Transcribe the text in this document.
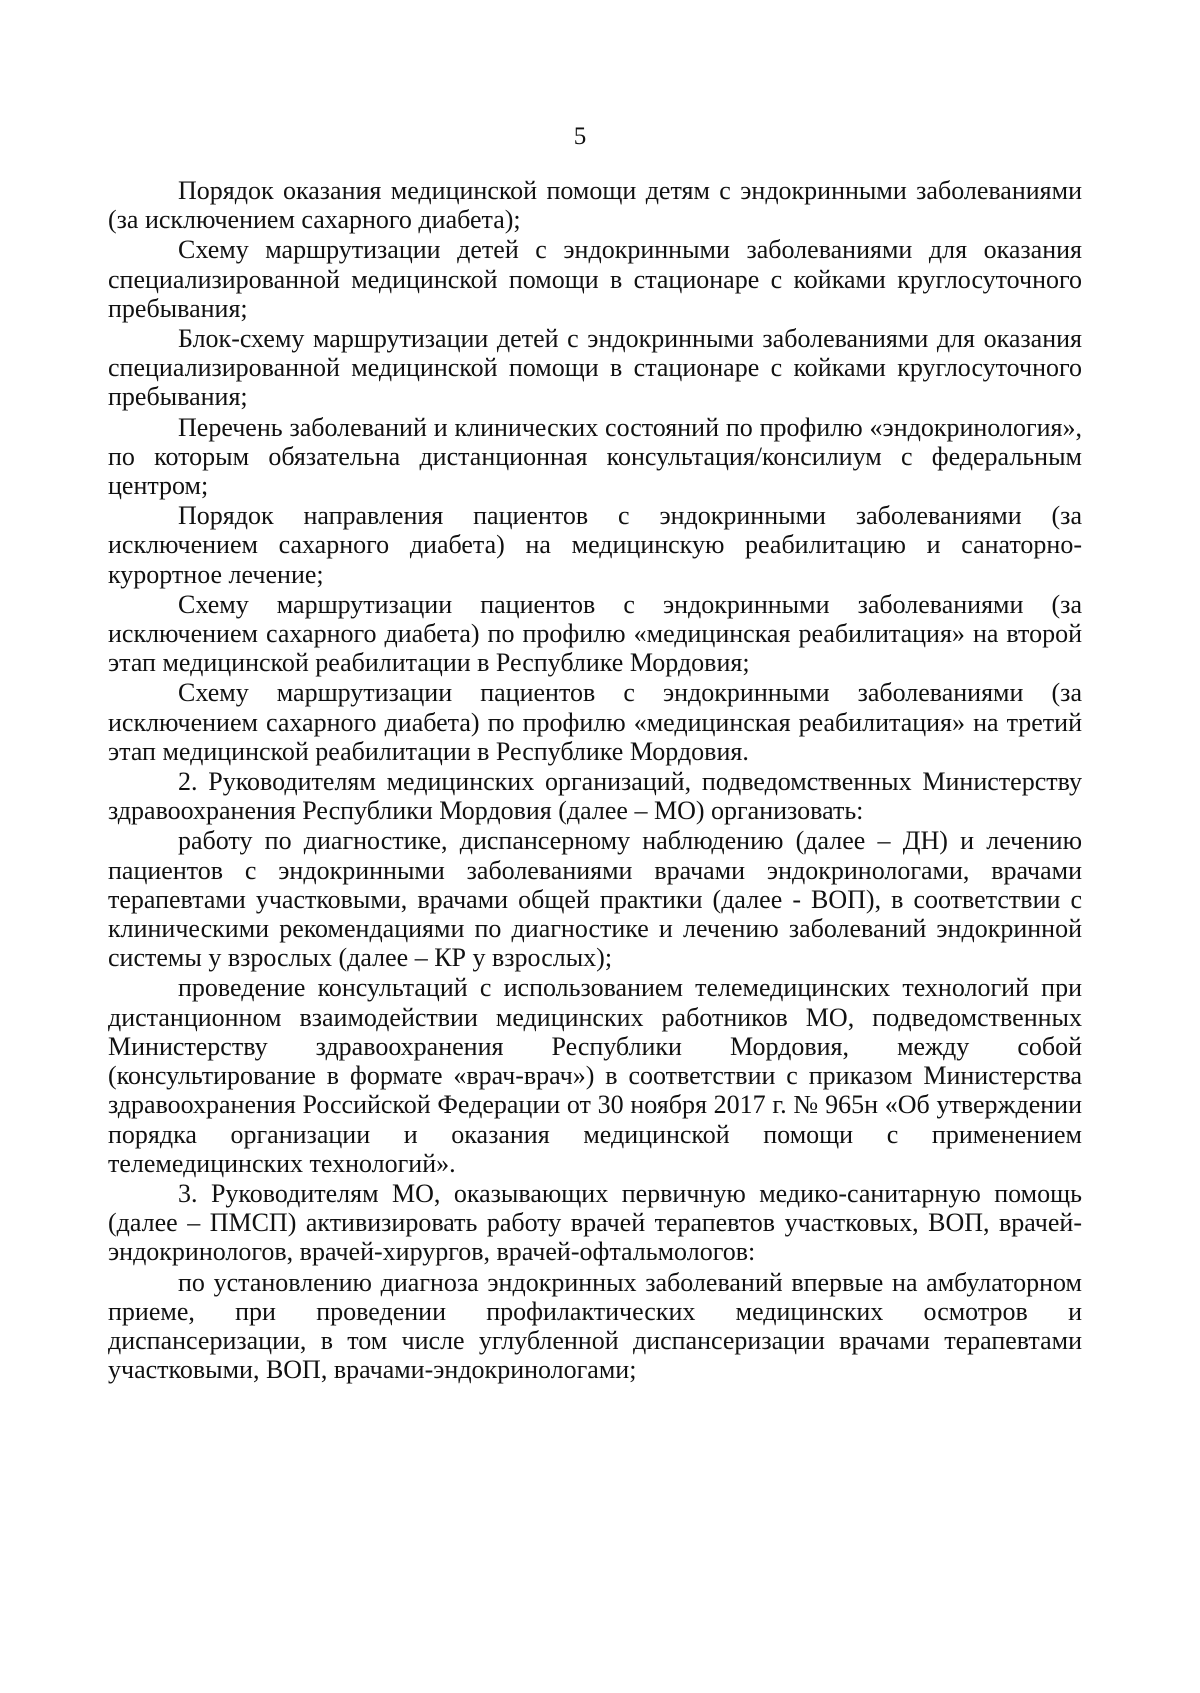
5

Порядок оказания медицинской помощи детям с эндокринными заболеваниями (за исключением сахарного диабета);

Схему маршрутизации детей с эндокринными заболеваниями для оказания специализированной медицинской помощи в стационаре с койками круглосуточного пребывания;

Блок-схему маршрутизации детей с эндокринными заболеваниями для оказания специализированной медицинской помощи в стационаре с койками круглосуточного пребывания;

Перечень заболеваний и клинических состояний по профилю «эндокринология», по которым обязательна дистанционная консультация/консилиум с федеральным центром;

Порядок направления пациентов с эндокринными заболеваниями (за исключением сахарного диабета) на медицинскую реабилитацию и санаторно-курортное лечение;

Схему маршрутизации пациентов с эндокринными заболеваниями (за исключением сахарного диабета) по профилю «медицинская реабилитация» на второй этап медицинской реабилитации в Республике Мордовия;

Схему маршрутизации пациентов с эндокринными заболеваниями (за исключением сахарного диабета) по профилю «медицинская реабилитация» на третий этап медицинской реабилитации в Республике Мордовия.

2. Руководителям медицинских организаций, подведомственных Министерству здравоохранения Республики Мордовия (далее – МО) организовать:

работу по диагностике, диспансерному наблюдению (далее – ДН) и лечению пациентов с эндокринными заболеваниями врачами эндокринологами, врачами терапевтами участковыми, врачами общей практики (далее - ВОП), в соответствии с клиническими рекомендациями по диагностике и лечению заболеваний эндокринной системы у взрослых (далее – КР у взрослых);

проведение консультаций с использованием телемедицинских технологий при дистанционном взаимодействии медицинских работников МО, подведомственных Министерству здравоохранения Республики Мордовия, между собой (консультирование в формате «врач-врач») в соответствии с приказом Министерства здравоохранения Российской Федерации от 30 ноября 2017 г. № 965н «Об утверждении порядка организации и оказания медицинской помощи с применением телемедицинских технологий».

3. Руководителям МО, оказывающих первичную медико-санитарную помощь (далее – ПМСП) активизировать работу врачей терапевтов участковых, ВОП, врачей-эндокринологов, врачей-хирургов, врачей-офтальмологов:

по установлению диагноза эндокринных заболеваний впервые на амбулаторном приеме, при проведении профилактических медицинских осмотров и диспансеризации, в том числе углубленной диспансеризации врачами терапевтами участковыми, ВОП, врачами-эндокринологами;
